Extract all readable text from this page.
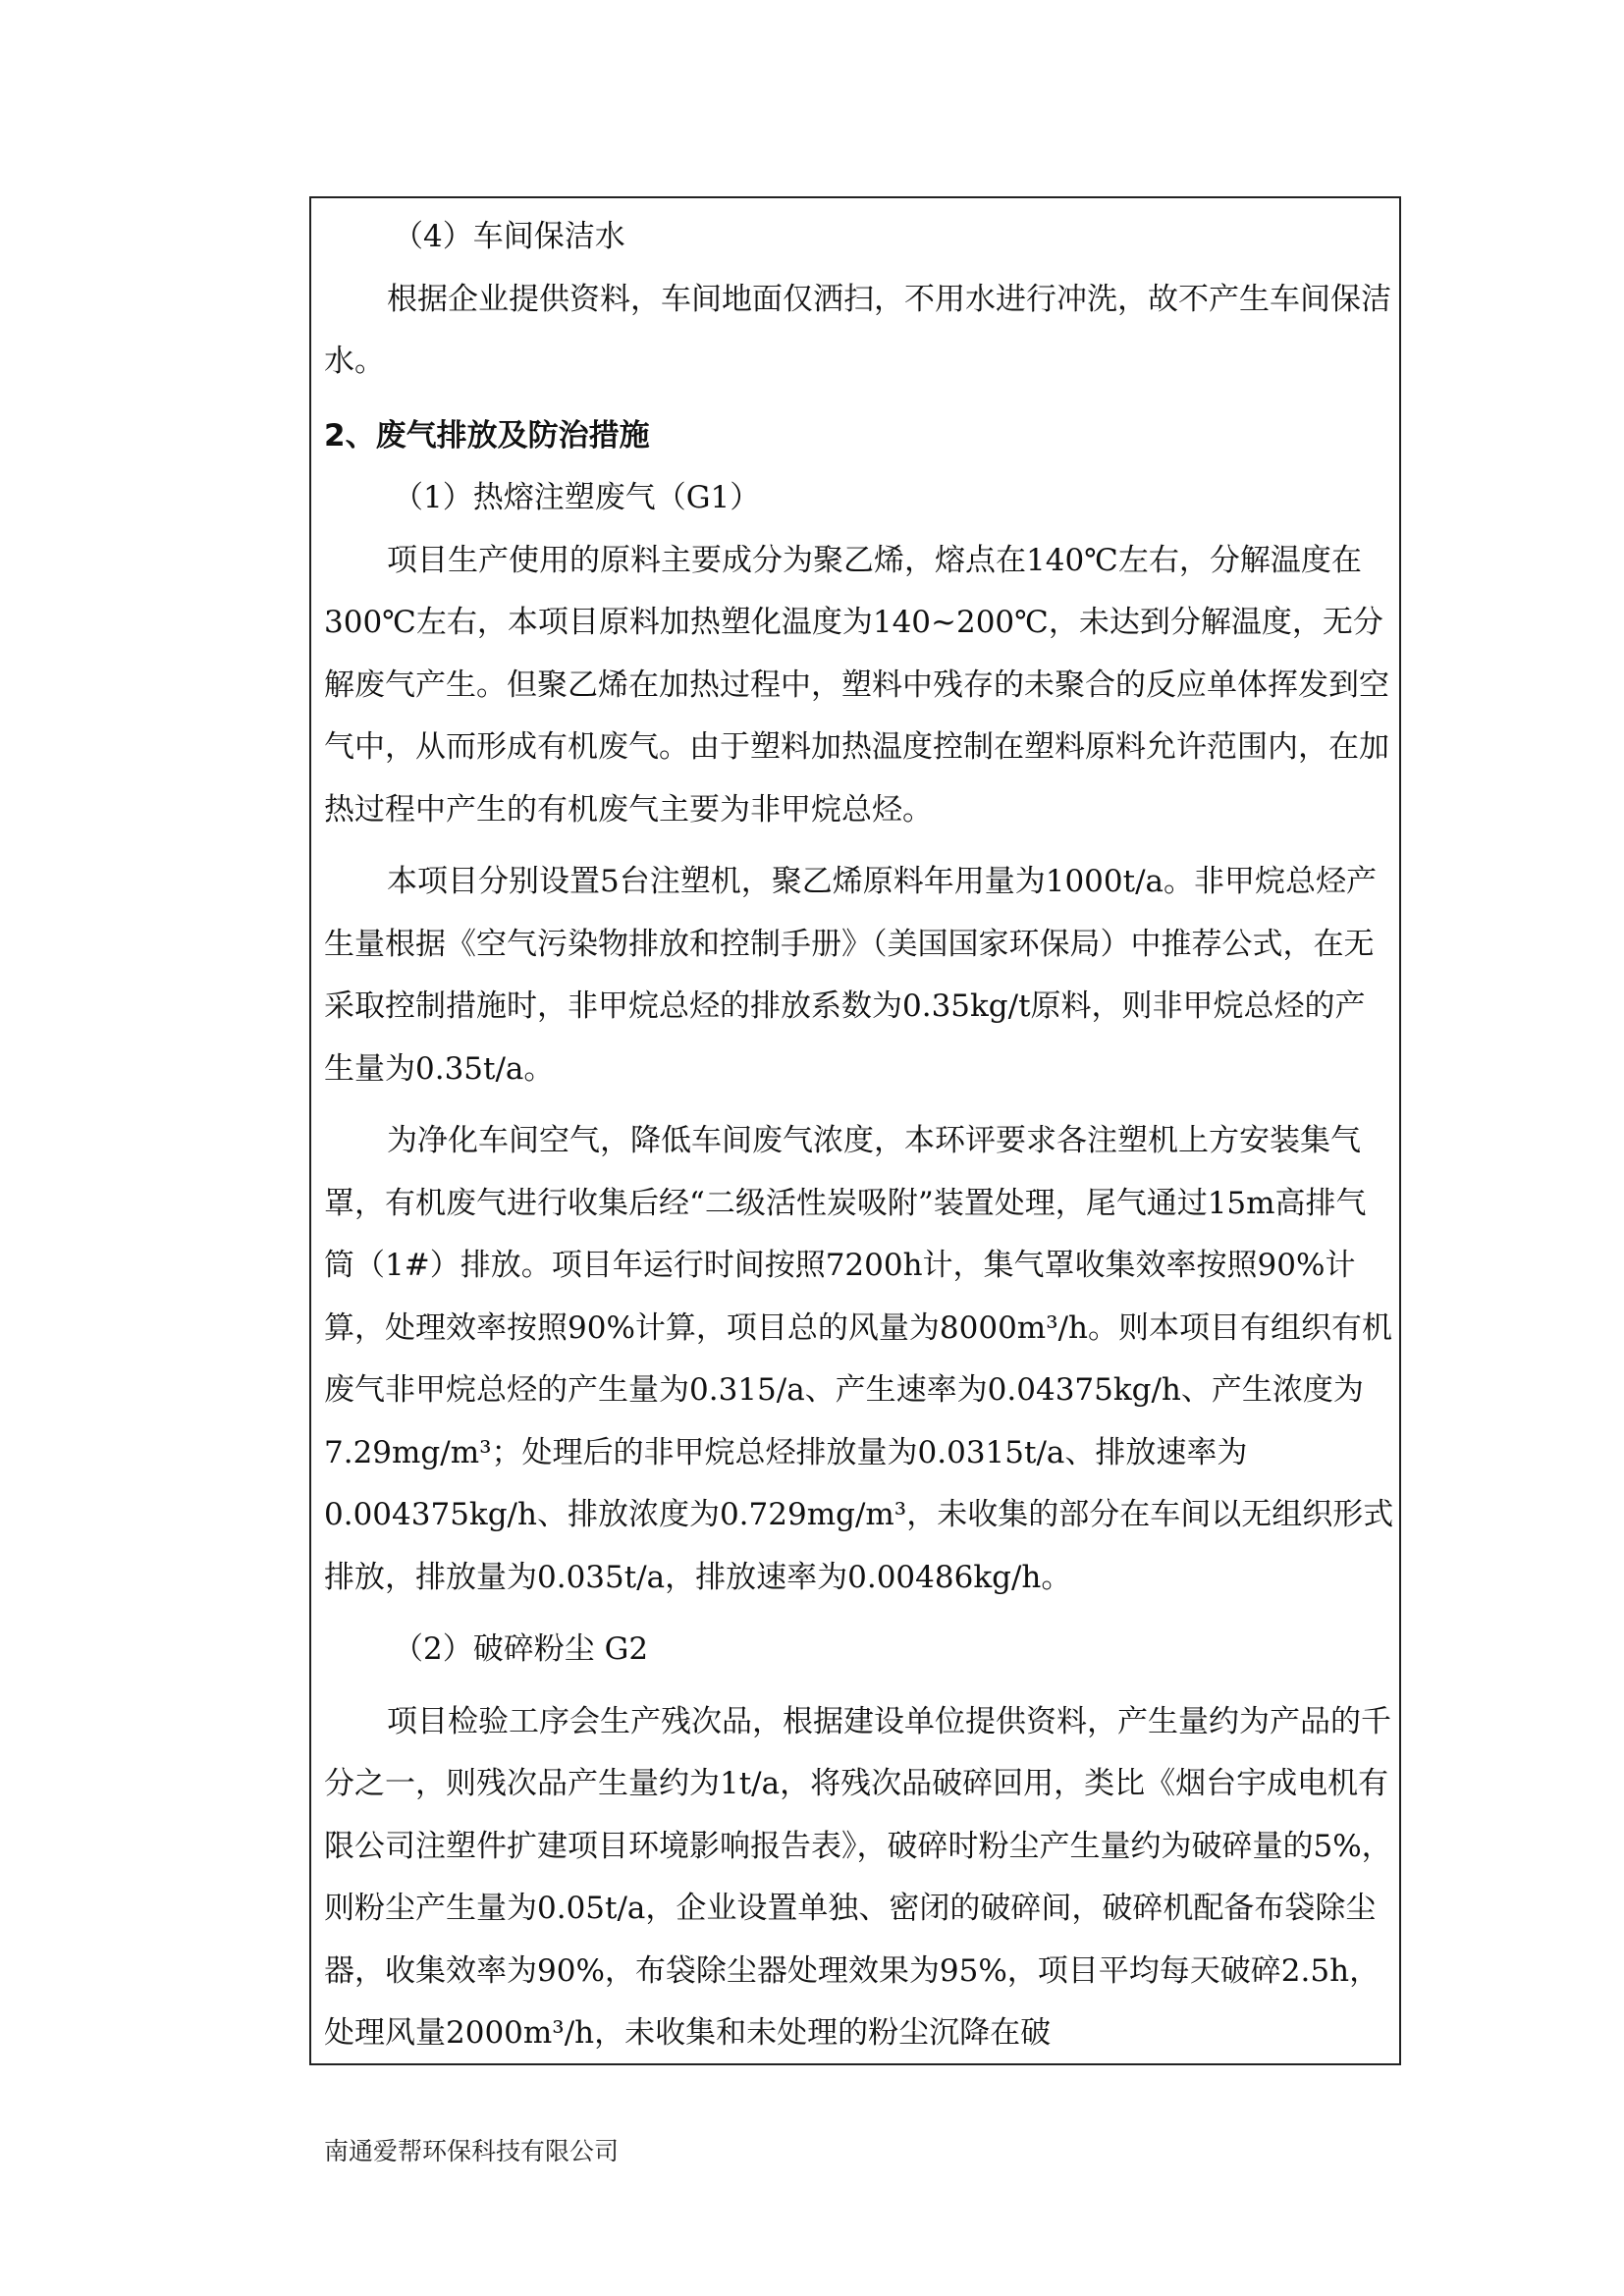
（4）车间保洁水

根据企业提供资料，车间地面仅洒扫，不用水进行冲洗，故不产生车间保洁水。

2、废气排放及防治措施

（1）热熔注塑废气（G1）

项目生产使用的原料主要成分为聚乙烯，熔点在140℃左右，分解温度在300℃左右，本项目原料加热塑化温度为140~200℃，未达到分解温度，无分解废气产生。但聚乙烯在加热过程中，塑料中残存的未聚合的反应单体挥发到空气中，从而形成有机废气。由于塑料加热温度控制在塑料原料允许范围内，在加热过程中产生的有机废气主要为非甲烷总烃。

本项目分别设置5台注塑机，聚乙烯原料年用量为1000t/a。非甲烷总烃产生量根据《空气污染物排放和控制手册》（美国国家环保局）中推荐公式，在无采取控制措施时，非甲烷总烃的排放系数为0.35kg/t原料，则非甲烷总烃的产生量为0.35t/a。

为净化车间空气，降低车间废气浓度，本环评要求各注塑机上方安装集气罩，有机废气进行收集后经“二级活性炭吸附”装置处理，尾气通过15m高排气筒（1#）排放。项目年运行时间按照7200h计，集气罩收集效率按照90%计算，处理效率按照90%计算，项目总的风量为8000m³/h。则本项目有组织有机废气非甲烷总烃的产生量为0.315/a、产生速率为0.04375kg/h、产生浓度为7.29mg/m³；处理后的非甲烷总烃排放量为0.0315t/a、排放速率为0.004375kg/h、排放浓度为0.729mg/m³，未收集的部分在车间以无组织形式排放，排放量为0.035t/a，排放速率为0.00486kg/h。

（2）破碎粉尘 G2

项目检验工序会生产残次品，根据建设单位提供资料，产生量约为产品的千分之一，则残次品产生量约为1t/a，将残次品破碎回用，类比《烟台宇成电机有限公司注塑件扩建项目环境影响报告表》，破碎时粉尘产生量约为破碎量的5%，则粉尘产生量为0.05t/a，企业设置单独、密闭的破碎间，破碎机配备布袋除尘器，收集效率为90%，布袋除尘器处理效果为95%，项目平均每天破碎2.5h，处理风量2000m³/h，未收集和未处理的粉尘沉降在破

南通爱帮环保科技有限公司
